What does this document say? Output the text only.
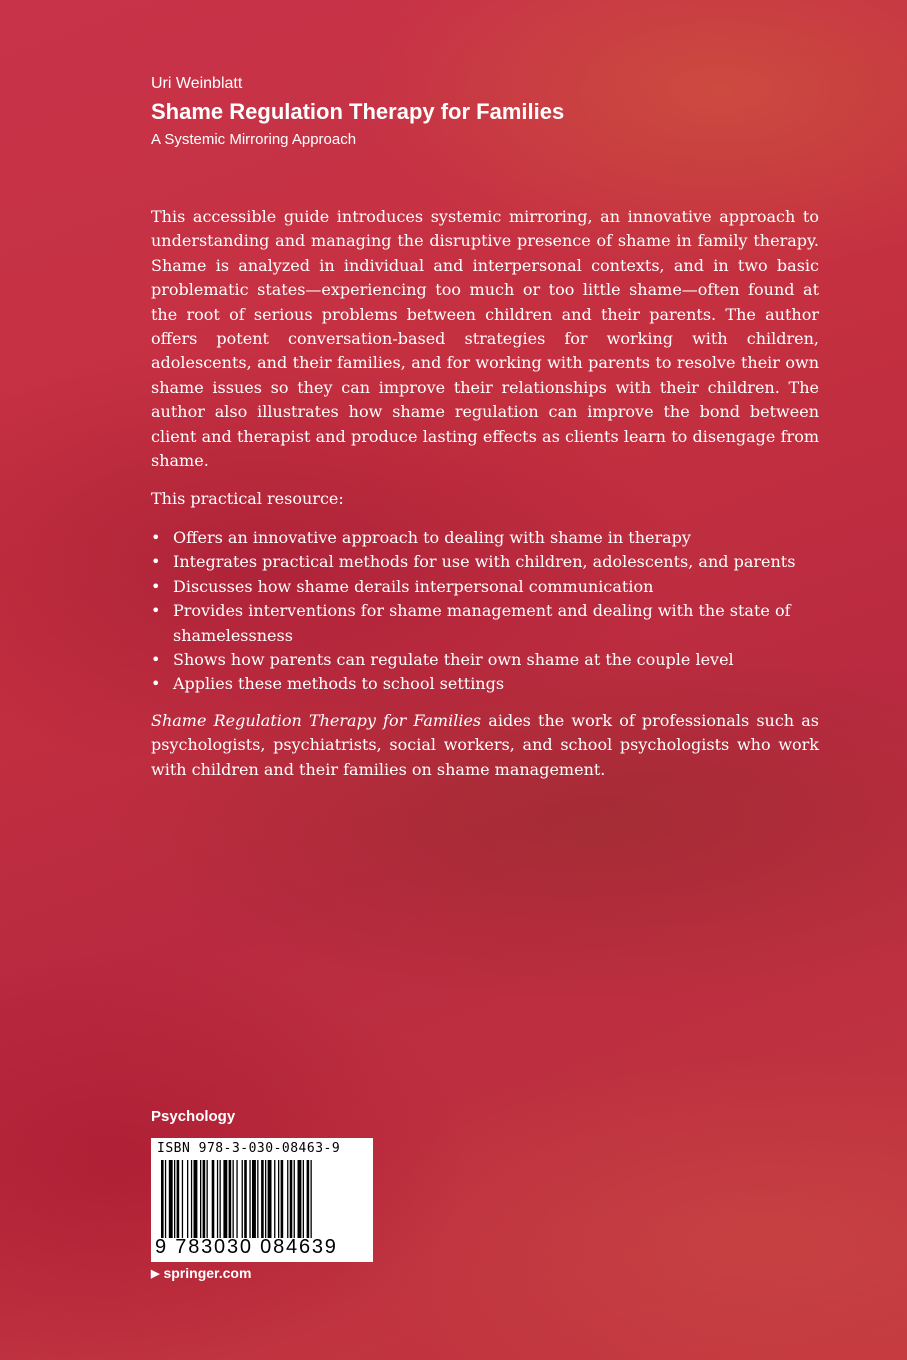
Uri Weinblatt
Shame Regulation Therapy for Families
A Systemic Mirroring Approach

This accessible guide introduces systemic mirroring, an innovative approach to understanding and managing the disruptive presence of shame in family therapy. Shame is analyzed in individual and interpersonal contexts, and in two basic problematic states—experiencing too much or too little shame—often found at the root of serious problems between children and their parents. The author offers potent conversation-based strategies for working with children, adolescents, and their families, and for working with parents to resolve their own shame issues so they can improve their relationships with their children. The author also illustrates how shame regulation can improve the bond between client and therapist and produce lasting effects as clients learn to disengage from shame.

This practical resource:

• Offers an innovative approach to dealing with shame in therapy
• Integrates practical methods for use with children, adolescents, and parents
• Discusses how shame derails interpersonal communication
• Provides interventions for shame management and dealing with the state of shamelessness
• Shows how parents can regulate their own shame at the couple level
• Applies these methods to school settings

Shame Regulation Therapy for Families aides the work of professionals such as psychologists, psychiatrists, social workers, and school psychologists who work with children and their families on shame management.

Psychology
ISBN 978-3-030-08463-9
9 783030 084639
▶ springer.com
